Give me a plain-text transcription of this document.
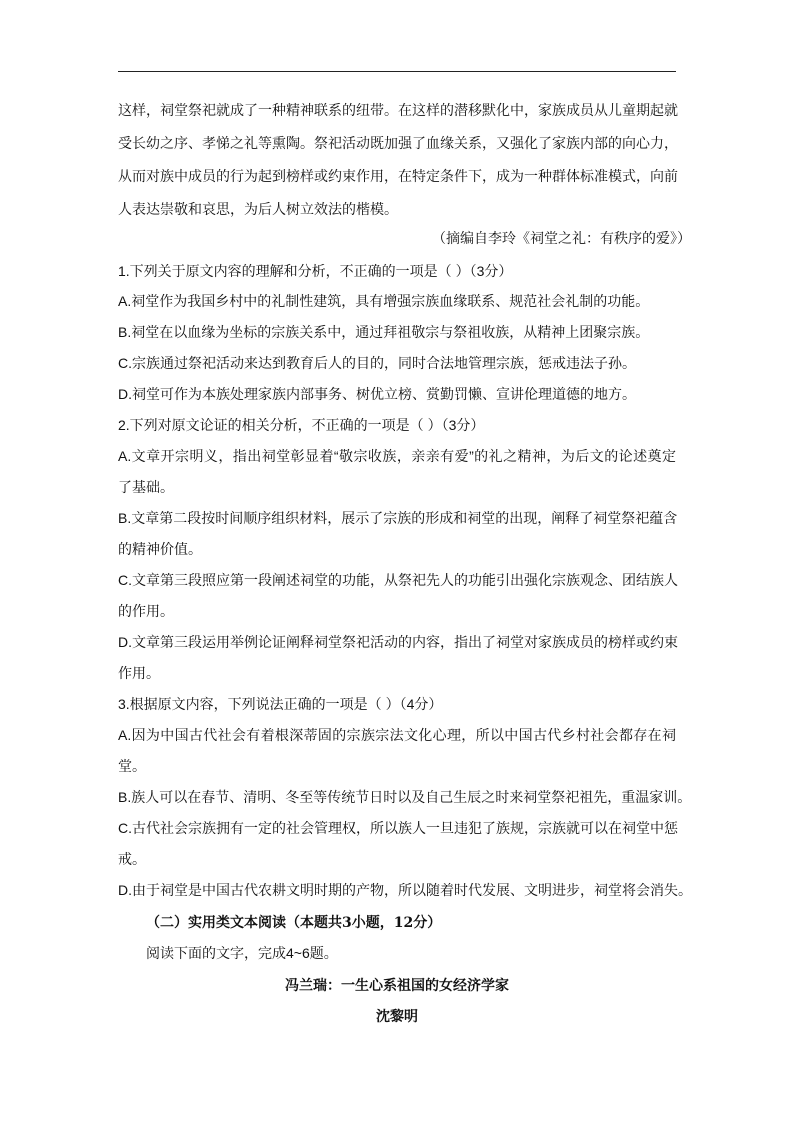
这样，祠堂祭祀就成了一种精神联系的纽带。在这样的潜移默化中，家族成员从儿童期起就
受长幼之序、孝悌之礼等熏陶。祭祀活动既加强了血缘关系，又强化了家族内部的向心力，
从而对族中成员的行为起到榜样或约束作用，在特定条件下，成为一种群体标准模式，向前
人表达崇敬和哀思，为后人树立效法的楷模。
（摘编自李玲《祠堂之礼：有秩序的爱》）
1.下列关于原文内容的理解和分析，不正确的一项是（ ）（3分）
A.祠堂作为我国乡村中的礼制性建筑，具有增强宗族血缘联系、规范社会礼制的功能。
B.祠堂在以血缘为坐标的宗族关系中，通过拜祖敬宗与祭祖收族，从精神上团聚宗族。
C.宗族通过祭祀活动来达到教育后人的目的，同时合法地管理宗族，惩戒违法子孙。
D.祠堂可作为本族处理家族内部事务、树优立榜、赏勤罚懒、宣讲伦理道德的地方。
2.下列对原文论证的相关分析，不正确的一项是（ ）（3分）
A.文章开宗明义，指出祠堂彰显着“敬宗收族，亲亲有爱”的礼之精神，为后文的论述奠定
了基础。
B.文章第二段按时间顺序组织材料，展示了宗族的形成和祠堂的出现，阐释了祠堂祭祀蕴含
的精神价值。
C.文章第三段照应第一段阐述祠堂的功能，从祭祀先人的功能引出强化宗族观念、团结族人
的作用。
D.文章第三段运用举例论证阐释祠堂祭祀活动的内容，指出了祠堂对家族成员的榜样或约束
作用。
3.根据原文内容，下列说法正确的一项是（ ）（4分）
A.因为中国古代社会有着根深蒂固的宗族宗法文化心理，所以中国古代乡村社会都存在祠
堂。
B.族人可以在春节、清明、冬至等传统节日时以及自己生辰之时来祠堂祭祀祖先，重温家训。
C.古代社会宗族拥有一定的社会管理权，所以族人一旦违犯了族规，宗族就可以在祠堂中惩
戒。
D.由于祠堂是中国古代农耕文明时期的产物，所以随着时代发展、文明进步，祠堂将会消失。
（二）实用类文本阅读（本题共3小题，12分）
阅读下面的文字，完成4~6题。
冯兰瑞：一生心系祖国的女经济学家
沈黎明
